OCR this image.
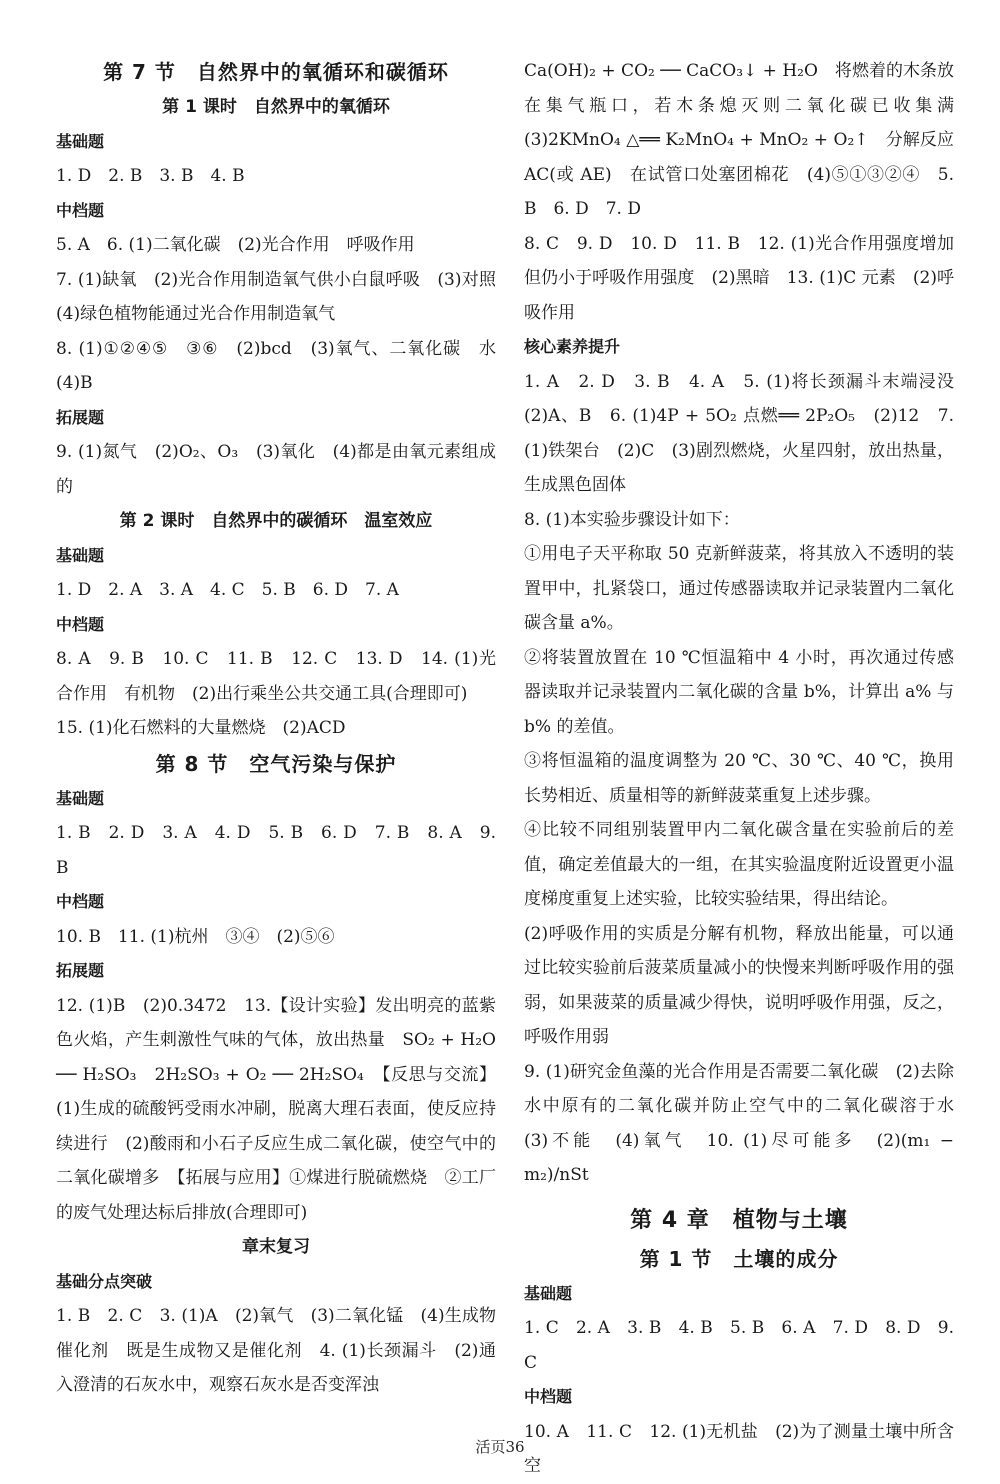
第 7 节　自然界中的氧循环和碳循环

第 1 课时　自然界中的氧循环

基础题

1. D　2. B　3. B　4. B

中档题

5. A　6. (1)二氧化碳　(2)光合作用　呼吸作用

7. (1)缺氧　(2)光合作用制造氧气供小白鼠呼吸　(3)对照　(4)绿色植物能通过光合作用制造氧气

8. (1)①②④⑤　③⑥　(2)bcd　(3)氧气、二氧化碳　水　(4)B

拓展题

9. (1)氮气　(2)O₂、O₃　(3)氧化　(4)都是由氧元素组成的

第 2 课时　自然界中的碳循环　温室效应

基础题

1. D　2. A　3. A　4. C　5. B　6. D　7. A

中档题

8. A　9. B　10. C　11. B　12. C　13. D　14. (1)光合作用　有机物　(2)出行乘坐公共交通工具(合理即可)

15. (1)化石燃料的大量燃烧　(2)ACD

第 8 节　空气污染与保护

基础题

1. B　2. D　3. A　4. D　5. B　6. D　7. B　8. A　9. B

中档题

10. B　11. (1)杭州　③④　(2)⑤⑥

拓展题

12. (1)B　(2)0.3472　13.【设计实验】发出明亮的蓝紫色火焰，产生刺激性气味的气体，放出热量　SO₂ + H₂O ── H₂SO₃　2H₂SO₃ + O₂ ── 2H₂SO₄　【反思与交流】(1)生成的硫酸钙受雨水冲刷，脱离大理石表面，使反应持续进行　(2)酸雨和小石子反应生成二氧化碳，使空气中的二氧化碳增多　【拓展与应用】①煤进行脱硫燃烧　②工厂的废气处理达标后排放(合理即可)

章末复习

基础分点突破

1. B　2. C　3. (1)A　(2)氧气　(3)二氧化锰　(4)生成物　催化剂　既是生成物又是催化剂　4. (1)长颈漏斗　(2)通入澄清的石灰水中，观察石灰水是否变浑浊

Ca(OH)₂ + CO₂ ── CaCO₃↓ + H₂O　将燃着的木条放在集气瓶口，若木条熄灭则二氧化碳已收集满　(3)2KMnO₄ △══ K₂MnO₄ + MnO₂ + O₂↑　分解反应　AC(或 AE)　在试管口处塞团棉花　(4)⑤①③②④　5. B　6. D　7. D

8. C　9. D　10. D　11. B　12. (1)光合作用强度增加但仍小于呼吸作用强度　(2)黑暗　13. (1)C 元素　(2)呼吸作用

核心素养提升

1. A　2. D　3. B　4. A　5. (1)将长颈漏斗末端浸没　(2)A、B　6. (1)4P + 5O₂ 点燃══ 2P₂O₅　(2)12　7. (1)铁架台　(2)C　(3)剧烈燃烧，火星四射，放出热量，生成黑色固体

8. (1)本实验步骤设计如下：

①用电子天平称取 50 克新鲜菠菜，将其放入不透明的装置甲中，扎紧袋口，通过传感器读取并记录装置内二氧化碳含量 a%。

②将装置放置在 10 ℃恒温箱中 4 小时，再次通过传感器读取并记录装置内二氧化碳的含量 b%，计算出 a% 与 b% 的差值。

③将恒温箱的温度调整为 20 ℃、30 ℃、40 ℃，换用长势相近、质量相等的新鲜菠菜重复上述步骤。

④比较不同组别装置甲内二氧化碳含量在实验前后的差值，确定差值最大的一组，在其实验温度附近设置更小温度梯度重复上述实验，比较实验结果，得出结论。

(2)呼吸作用的实质是分解有机物，释放出能量，可以通过比较实验前后菠菜质量减小的快慢来判断呼吸作用的强弱，如果菠菜的质量减少得快，说明呼吸作用强，反之，呼吸作用弱

9. (1)研究金鱼藻的光合作用是否需要二氧化碳　(2)去除水中原有的二氧化碳并防止空气中的二氧化碳溶于水　(3)不能　(4)氧气　10. (1)尽可能多　(2)(m₁ − m₂)/nSt

第 4 章　植物与土壤

第 1 节　土壤的成分

基础题

1. C　2. A　3. B　4. B　5. B　6. A　7. D　8. D　9. C

中档题

10. A　11. C　12. (1)无机盐　(2)为了测量土壤中所含空

活页36
